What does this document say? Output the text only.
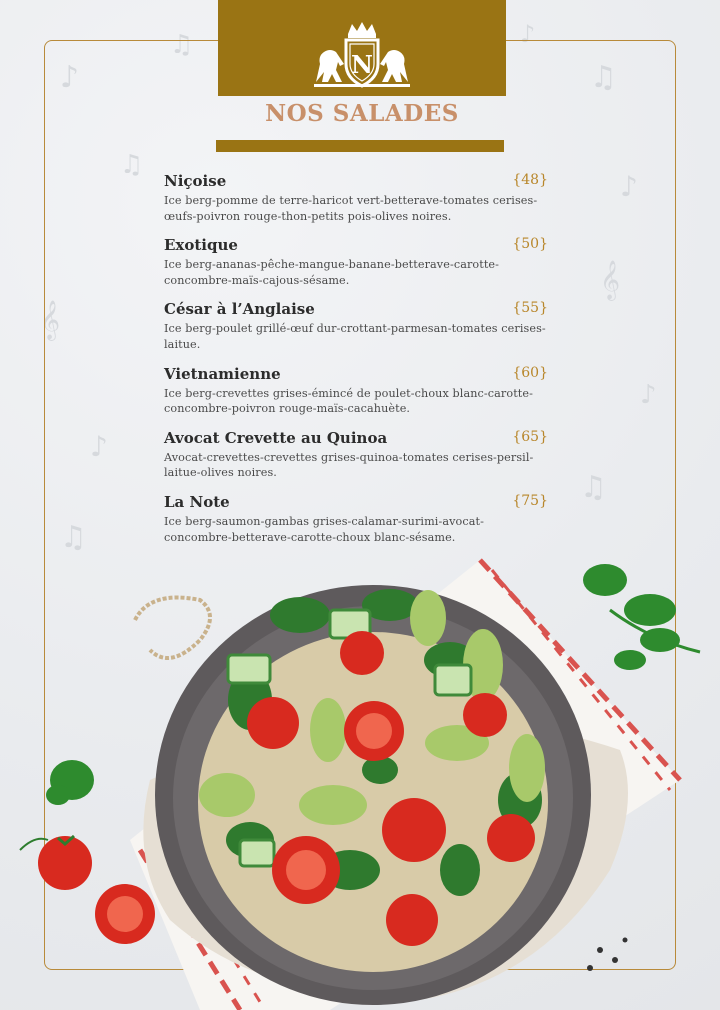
♪
♫
𝄞
♪
♫
♫
♪
𝄞
♪
♫
♪
♫
N
NOS SALADES
Niçoise	{48}
Ice berg-pomme de terre-haricot vert-betterave-tomates cerises-œufs-poivron rouge-thon-petits pois-olives noires.
Exotique	{50}
Ice berg-ananas-pêche-mangue-banane-betterave-carotte-concombre-maïs-cajous-sésame.
César à l’Anglaise	{55}
Ice berg-poulet grillé-œuf dur-crottant-parmesan-tomates cerises-laitue.
Vietnamienne	{60}
Ice berg-crevettes grises-émincé de poulet-choux blanc-carotte-concombre-poivron rouge-maïs-cacahuète.
Avocat Crevette au Quinoa	{65}
Avocat-crevettes-crevettes grises-quinoa-tomates cerises-persil-laitue-olives noires.
La Note	{75}
Ice berg-saumon-gambas grises-calamar-surimi-avocat-concombre-betterave-carotte-choux blanc-sésame.
